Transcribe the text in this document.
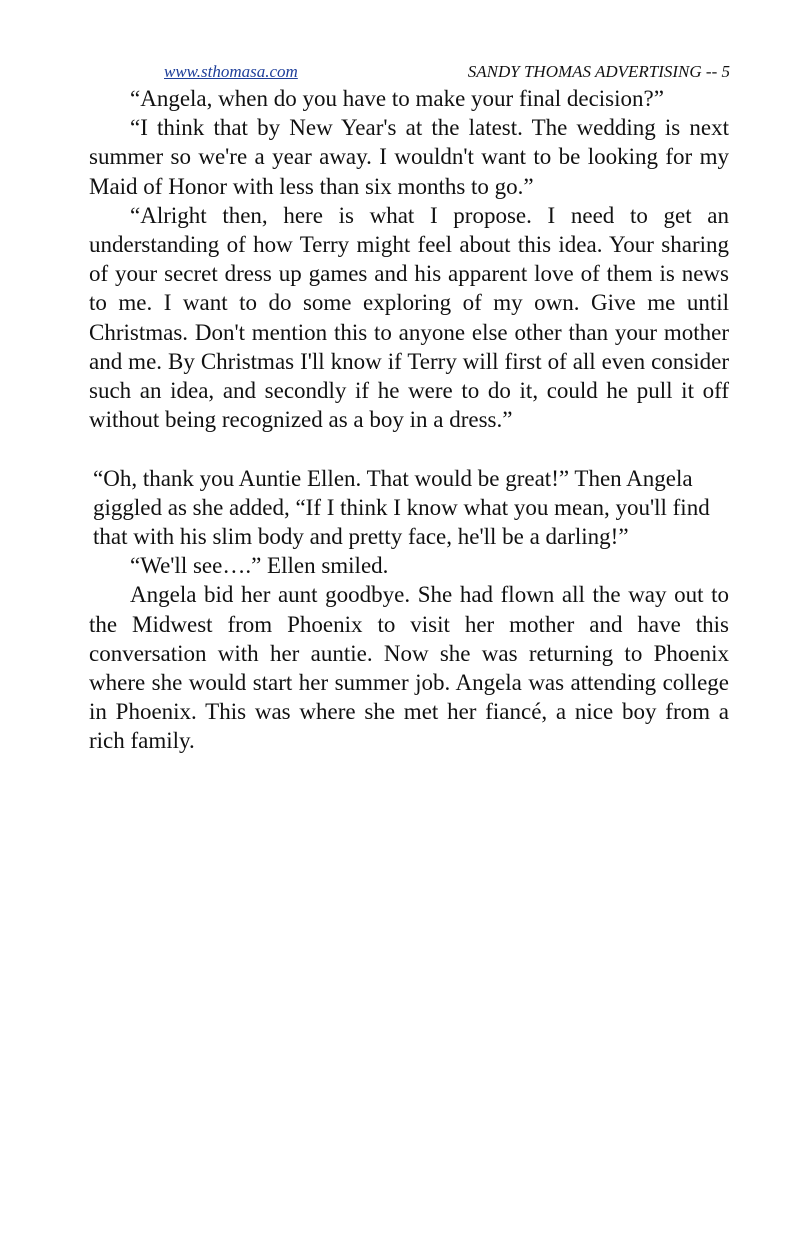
www.sthomasa.com	SANDY THOMAS ADVERTISING -- 5

“Angela, when do you have to make your final decision?”

“I think that by New Year's at the latest. The wedding is next summer so we're a year away. I wouldn't want to be looking for my Maid of Honor with less than six months to go.”

“Alright then, here is what I propose. I need to get an understanding of how Terry might feel about this idea. Your sharing of your secret dress up games and his apparent love of them is news to me. I want to do some exploring of my own. Give me until Christmas. Don't mention this to anyone else other than your mother and me. By Christmas I'll know if Terry will first of all even consider such an idea, and secondly if he were to do it, could he pull it off without being recognized as a boy in a dress.”

“Oh, thank you Auntie Ellen. That would be great!” Then Angela giggled as she added, “If I think I know what you mean, you'll find that with his slim body and pretty face, he'll be a darling!”

“We'll see….” Ellen smiled.

Angela bid her aunt goodbye. She had flown all the way out to the Midwest from Phoenix to visit her mother and have this conversation with her auntie. Now she was returning to Phoenix where she would start her summer job. Angela was attending college in Phoenix. This was where she met her fiancé, a nice boy from a rich family.
